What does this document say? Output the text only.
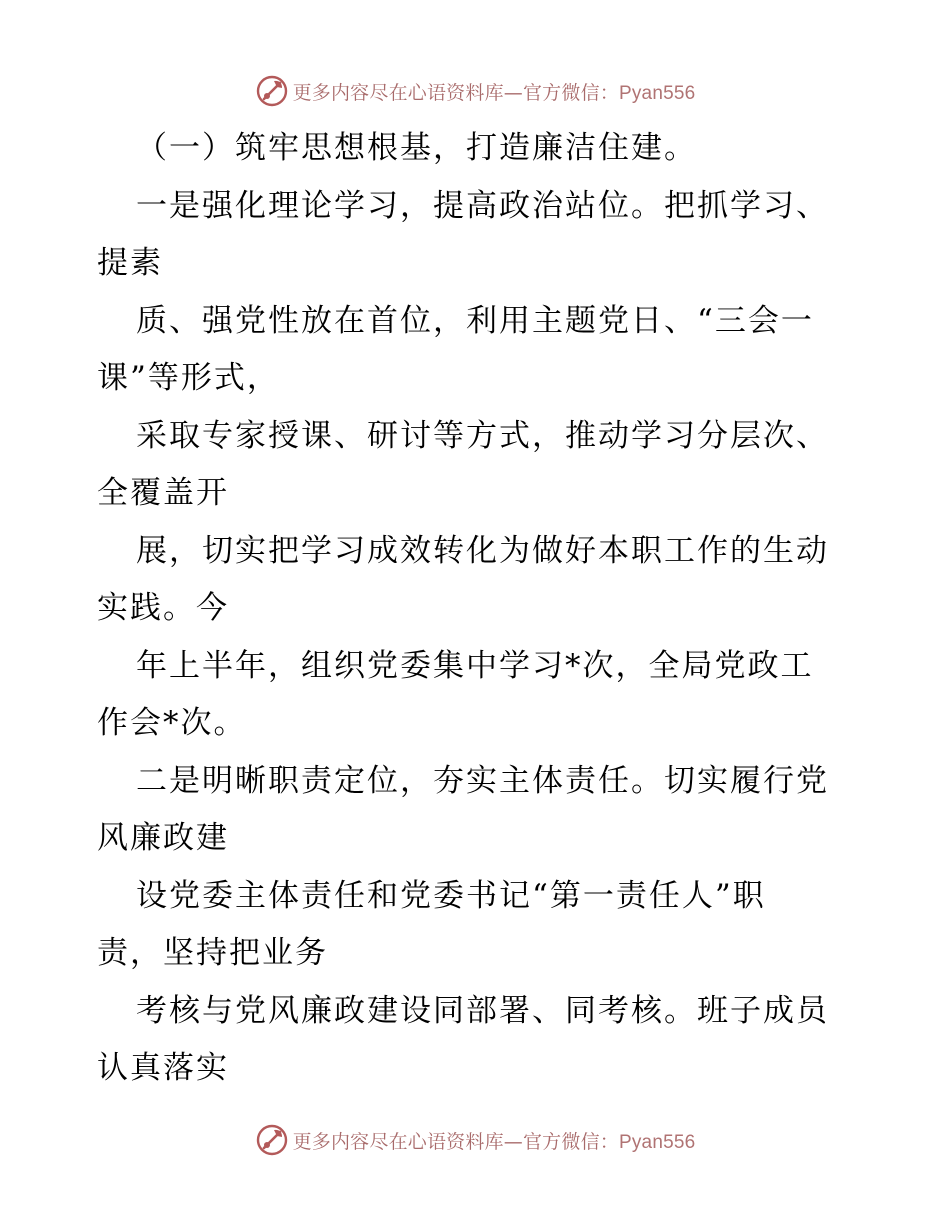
更多内容尽在心语资料库—官方微信：Pyan556
（一）筑牢思想根基，打造廉洁住建。
一是强化理论学习，提高政治站位。把抓学习、
提素
质、强党性放在首位，利用主题党日、“三会一
课”等形式，
采取专家授课、研讨等方式，推动学习分层次、
全覆盖开
展，切实把学习成效转化为做好本职工作的生动
实践。今
年上半年，组织党委集中学习*次，全局党政工
作会*次。
二是明晰职责定位，夯实主体责任。切实履行党
风廉政建
设党委主体责任和党委书记“第一责任人”职
责，坚持把业务
考核与党风廉政建设同部署、同考核。班子成员
认真落实
更多内容尽在心语资料库—官方微信：Pyan556
